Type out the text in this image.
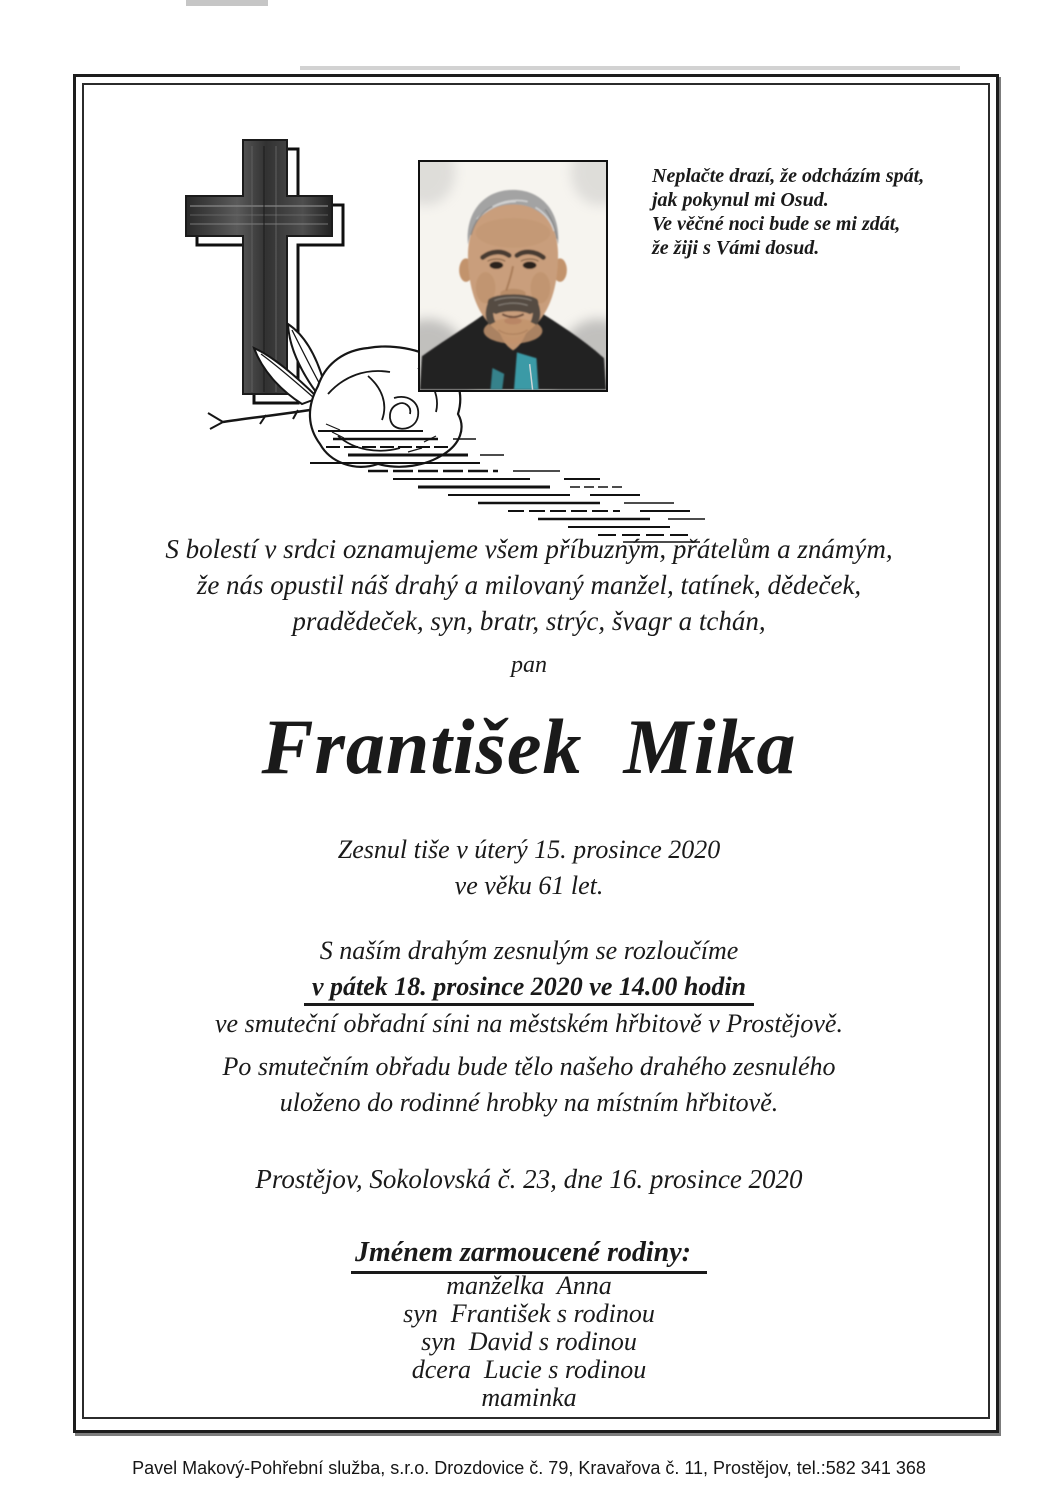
Neplačte drazí, že odcházím spát,
jak pokynul mi Osud.
Ve věčné noci bude se mi zdát,
že žiji s Vámi dosud.
S bolestí v srdci oznamujeme všem příbuzným, přátelům a známým,
že nás opustil náš drahý a milovaný manžel, tatínek, dědeček,
pradědeček, syn, bratr, strýc, švagr a tchán,
pan
František  Mika
Zesnul tiše v úterý 15. prosince 2020
ve věku 61 let.
S naším drahým zesnulým se rozloučíme
v pátek 18. prosince 2020 ve 14.00 hodin
ve smuteční obřadní síni na městském hřbitově v Prostějově.
Po smutečním obřadu bude tělo našeho drahého zesnulého
uloženo do rodinné hrobky na místním hřbitově.
Prostějov, Sokolovská č. 23, dne 16. prosince 2020
Jménem zarmoucené rodiny:
manželka  Anna
syn  František s rodinou
syn  David s rodinou
dcera  Lucie s rodinou
maminka
Pavel Makový-Pohřební služba, s.r.o. Drozdovice č. 79, Kravařova č. 11, Prostějov, tel.:582 341 368
